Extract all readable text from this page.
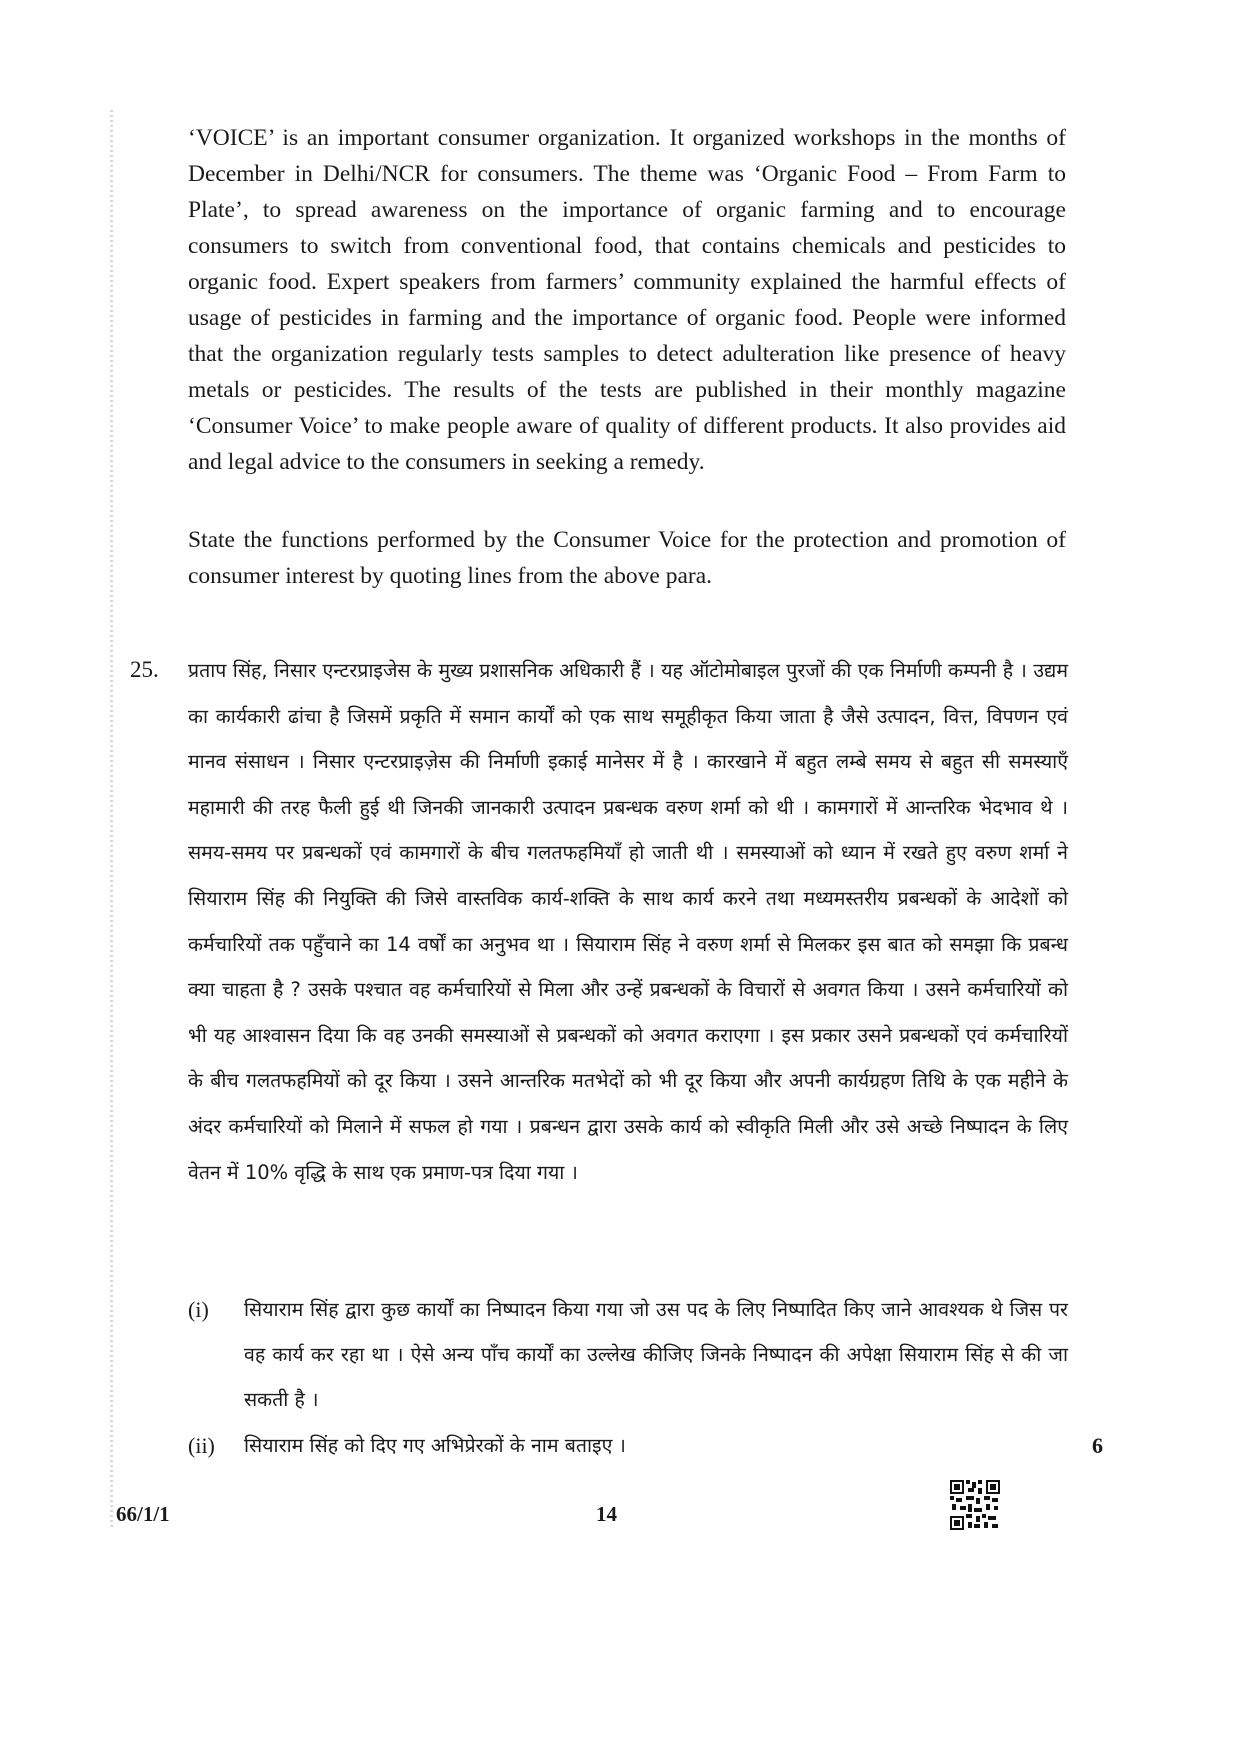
‘VOICE’ is an important consumer organization. It organized workshops in the months of December in Delhi/NCR for consumers. The theme was ‘Organic Food – From Farm to Plate’, to spread awareness on the importance of organic farming and to encourage consumers to switch from conventional food, that contains chemicals and pesticides to organic food. Expert speakers from farmers’ community explained the harmful effects of usage of pesticides in farming and the importance of organic food. People were informed that the organization regularly tests samples to detect adulteration like presence of heavy metals or pesticides. The results of the tests are published in their monthly magazine ‘Consumer Voice’ to make people aware of quality of different products. It also provides aid and legal advice to the consumers in seeking a remedy.

State the functions performed by the Consumer Voice for the protection and promotion of consumer interest by quoting lines from the above para.

25. प्रताप सिंह, निसार एन्टरप्राइजेस के मुख्य प्रशासनिक अधिकारी हैं । यह ऑटोमोबाइल पुरजों की एक निर्माणी कम्पनी है । उद्यम का कार्यकारी ढांचा है जिसमें प्रकृति में समान कार्यों को एक साथ समूहीकृत किया जाता है जैसे उत्पादन, वित्त, विपणन एवं मानव संसाधन । निसार एन्टरप्राइज़ेस की निर्माणी इकाई मानेसर में है । कारखाने में बहुत लम्बे समय से बहुत सी समस्याएँ महामारी की तरह फैली हुई थी जिनकी जानकारी उत्पादन प्रबन्धक वरुण शर्मा को थी । कामगारों में आन्तरिक भेदभाव थे । समय-समय पर प्रबन्धकों एवं कामगारों के बीच गलतफहमियाँ हो जाती थी । समस्याओं को ध्यान में रखते हुए वरुण शर्मा ने सियाराम सिंह की नियुक्ति की जिसे वास्तविक कार्य-शक्ति के साथ कार्य करने तथा मध्यमस्तरीय प्रबन्धकों के आदेशों को कर्मचारियों तक पहुँचाने का 14 वर्षों का अनुभव था । सियाराम सिंह ने वरुण शर्मा से मिलकर इस बात को समझा कि प्रबन्ध क्या चाहता है ? उसके पश्चात वह कर्मचारियों से मिला और उन्हें प्रबन्धकों के विचारों से अवगत किया । उसने कर्मचारियों को भी यह आश्वासन दिया कि वह उनकी समस्याओं से प्रबन्धकों को अवगत कराएगा । इस प्रकार उसने प्रबन्धकों एवं कर्मचारियों के बीच गलतफहमियों को दूर किया । उसने आन्तरिक मतभेदों को भी दूर किया और अपनी कार्यग्रहण तिथि के एक महीने के अंदर कर्मचारियों को मिलाने में सफल हो गया । प्रबन्धन द्वारा उसके कार्य को स्वीकृति मिली और उसे अच्छे निष्पादन के लिए वेतन में 10% वृद्धि के साथ एक प्रमाण-पत्र दिया गया ।

(i) सियाराम सिंह द्वारा कुछ कार्यों का निष्पादन किया गया जो उस पद के लिए निष्पादित किए जाने आवश्यक थे जिस पर वह कार्य कर रहा था । ऐसे अन्य पाँच कार्यों का उल्लेख कीजिए जिनके निष्पादन की अपेक्षा सियाराम सिंह से की जा सकती है ।
(ii) सियाराम सिंह को दिए गए अभिप्रेरकों के नाम बताइए ।	6
66/1/1	14
